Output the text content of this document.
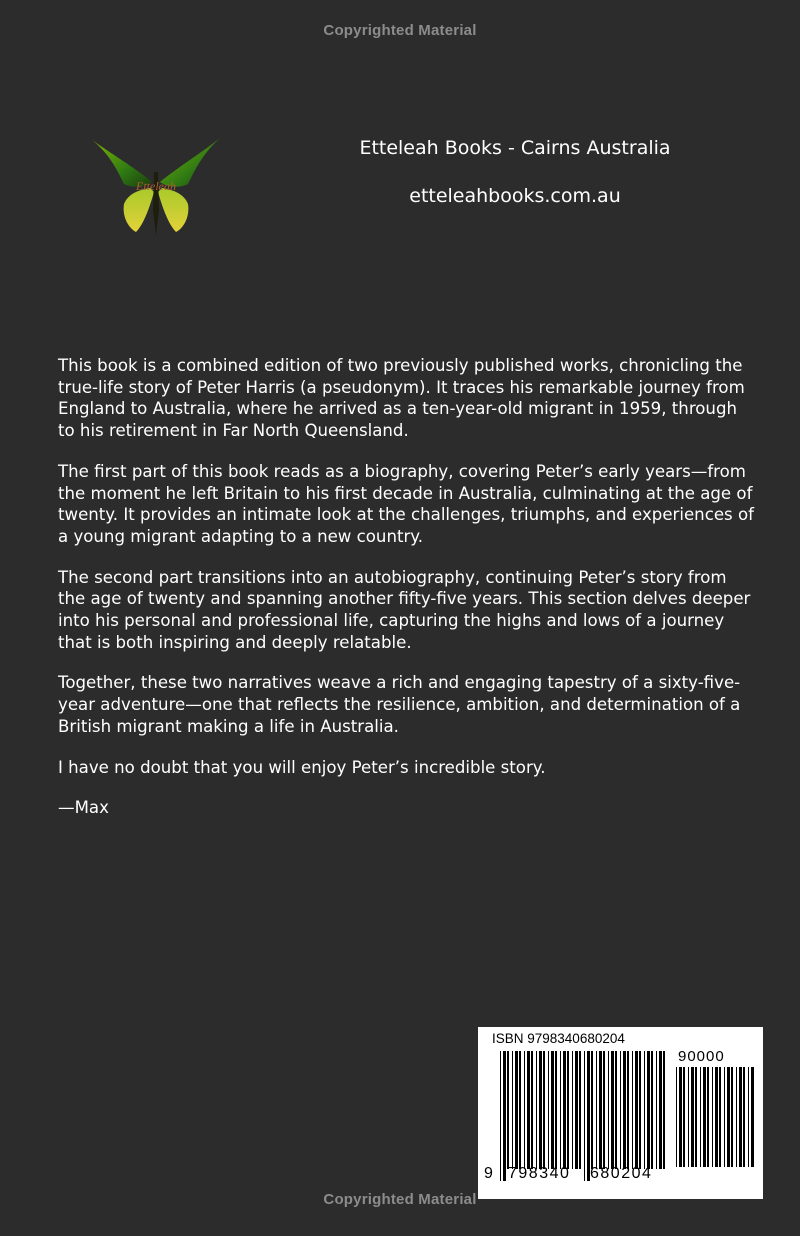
Copyrighted Material
Etteleah
Etteleah Books - Cairns Australia
etteleahbooks.com.au

This book is a combined edition of two previously published works, chronicling the true-life story of Peter Harris (a pseudonym). It traces his remarkable journey from England to Australia, where he arrived as a ten-year-old migrant in 1959, through to his retirement in Far North Queensland.

The first part of this book reads as a biography, covering Peter’s early years—from the moment he left Britain to his first decade in Australia, culminating at the age of twenty. It provides an intimate look at the challenges, triumphs, and experiences of a young migrant adapting to a new country.

The second part transitions into an autobiography, continuing Peter’s story from the age of twenty and spanning another fifty-five years. This section delves deeper into his personal and professional life, capturing the highs and lows of a journey that is both inspiring and deeply relatable.

Together, these two narratives weave a rich and engaging tapestry of a sixty-five-year adventure—one that reflects the resilience, ambition, and determination of a British migrant making a life in Australia.

I have no doubt that you will enjoy Peter’s incredible story.

—Max

ISBN 9798340680204
90000
9 798340 680204
Copyrighted Material
